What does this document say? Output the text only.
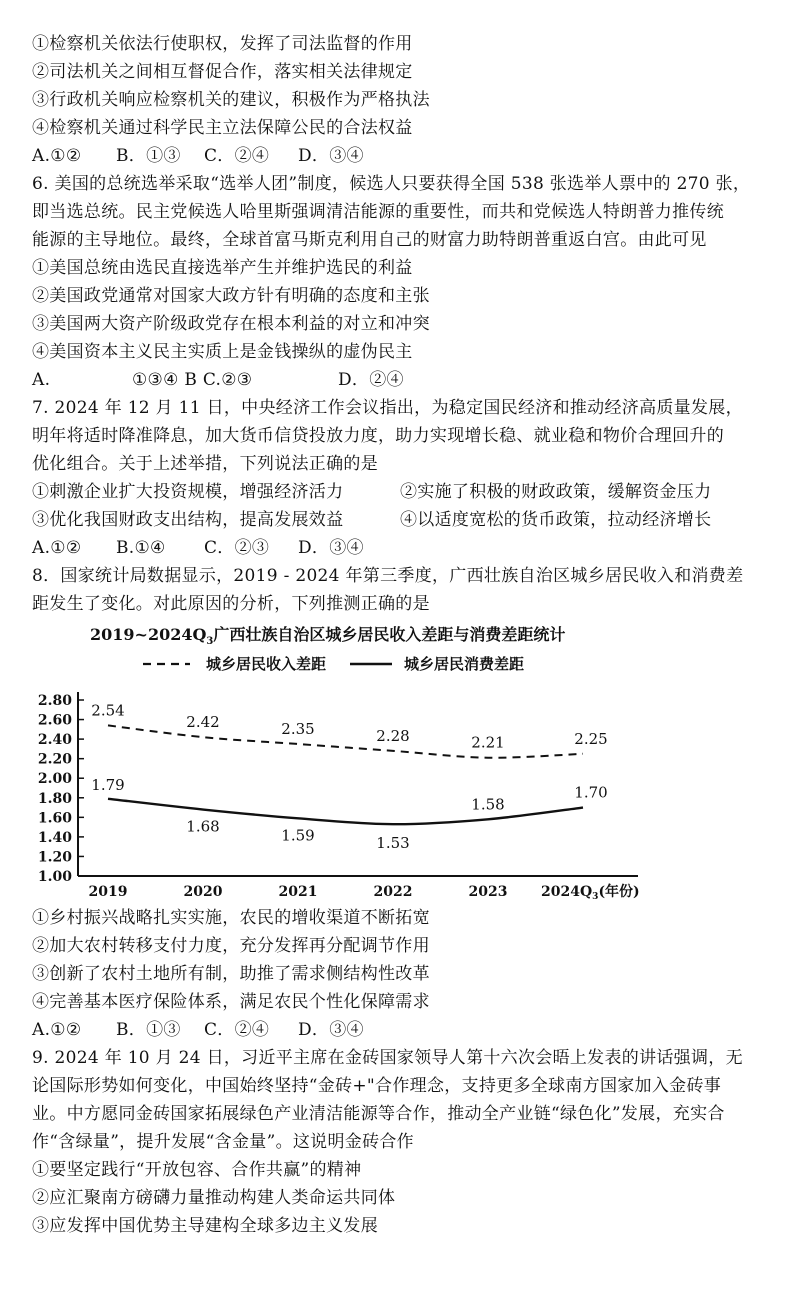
①检察机关依法行使职权，发挥了司法监督的作用
②司法机关之间相互督促合作，落实相关法律规定
③行政机关响应检察机关的建议，积极作为严格执法
④检察机关通过科学民主立法保障公民的合法权益
A.①② B．①③ C．②④ D．③④
6. 美国的总统选举采取“选举人团”制度，候选人只要获得全国 538 张选举人票中的 270 张，
即当选总统。民主党候选人哈里斯强调清洁能源的重要性，而共和党候选人特朗普力推传统
能源的主导地位。最终，全球首富马斯克利用自己的财富力助特朗普重返白宫。由此可见
①美国总统由选民直接选举产生并维护选民的利益
②美国政党通常对国家大政方针有明确的态度和主张
③美国两大资产阶级政党存在根本利益的对立和冲突
④美国资本主义民主实质上是金钱操纵的虚伪民主
A.	①③④ B C.②③	D．②④
7. 2024 年 12 月 11 日，中央经济工作会议指出，为稳定国民经济和推动经济高质量发展，
明年将适时降准降息，加大货币信贷投放力度，助力实现增长稳、就业稳和物价合理回升的
优化组合。关于上述举措，下列说法正确的是
①刺激企业扩大投资规模，增强经济活力	②实施了积极的财政政策，缓解资金压力
③优化我国财政支出结构，提高发展效益	④以适度宽松的货币政策，拉动经济增长
A.①② B.①④ C．②③ D．③④
8．国家统计局数据显示，2019 - 2024 年第三季度，广西壮族自治区城乡居民收入和消费差
距发生了变化。对此原因的分析，下列推测正确的是
$2019\sim 2024Q_3$广西壮族自治区城乡居民收入差距与消费差距统计
城乡居民收入差距	城乡居民消费差距
1.00
1.20
1.40
1.60
1.80
2.00
2.20
2.40
2.60
2.80
2019	2020	2021	2022	2023 $2024Q_3$(年份)
2.54
2.42	2.35	2.28	2.21	2.25
1.79
1.68	1.59	1.53
1.58
1.70
①乡村振兴战略扎实实施，农民的增收渠道不断拓宽
②加大农村转移支付力度，充分发挥再分配调节作用
③创新了农村土地所有制，助推了需求侧结构性改革
④完善基本医疗保险体系，满足农民个性化保障需求
A.①② B．①③ C．②④ D．③④
9. 2024 年 10 月 24 日，习近平主席在金砖国家领导人第十六次会晤上发表的讲话强调，无
论国际形势如何变化，中国始终坚持“金砖+"合作理念，支持更多全球南方国家加入金砖事
业。中方愿同金砖国家拓展绿色产业清洁能源等合作，推动全产业链“绿色化”发展，充实合
作“含绿量”，提升发展“含金量”。这说明金砖合作
①要坚定践行“开放包容、合作共赢”的精神
②应汇聚南方磅礴力量推动构建人类命运共同体
③应发挥中国优势主导建构全球多边主义发展
